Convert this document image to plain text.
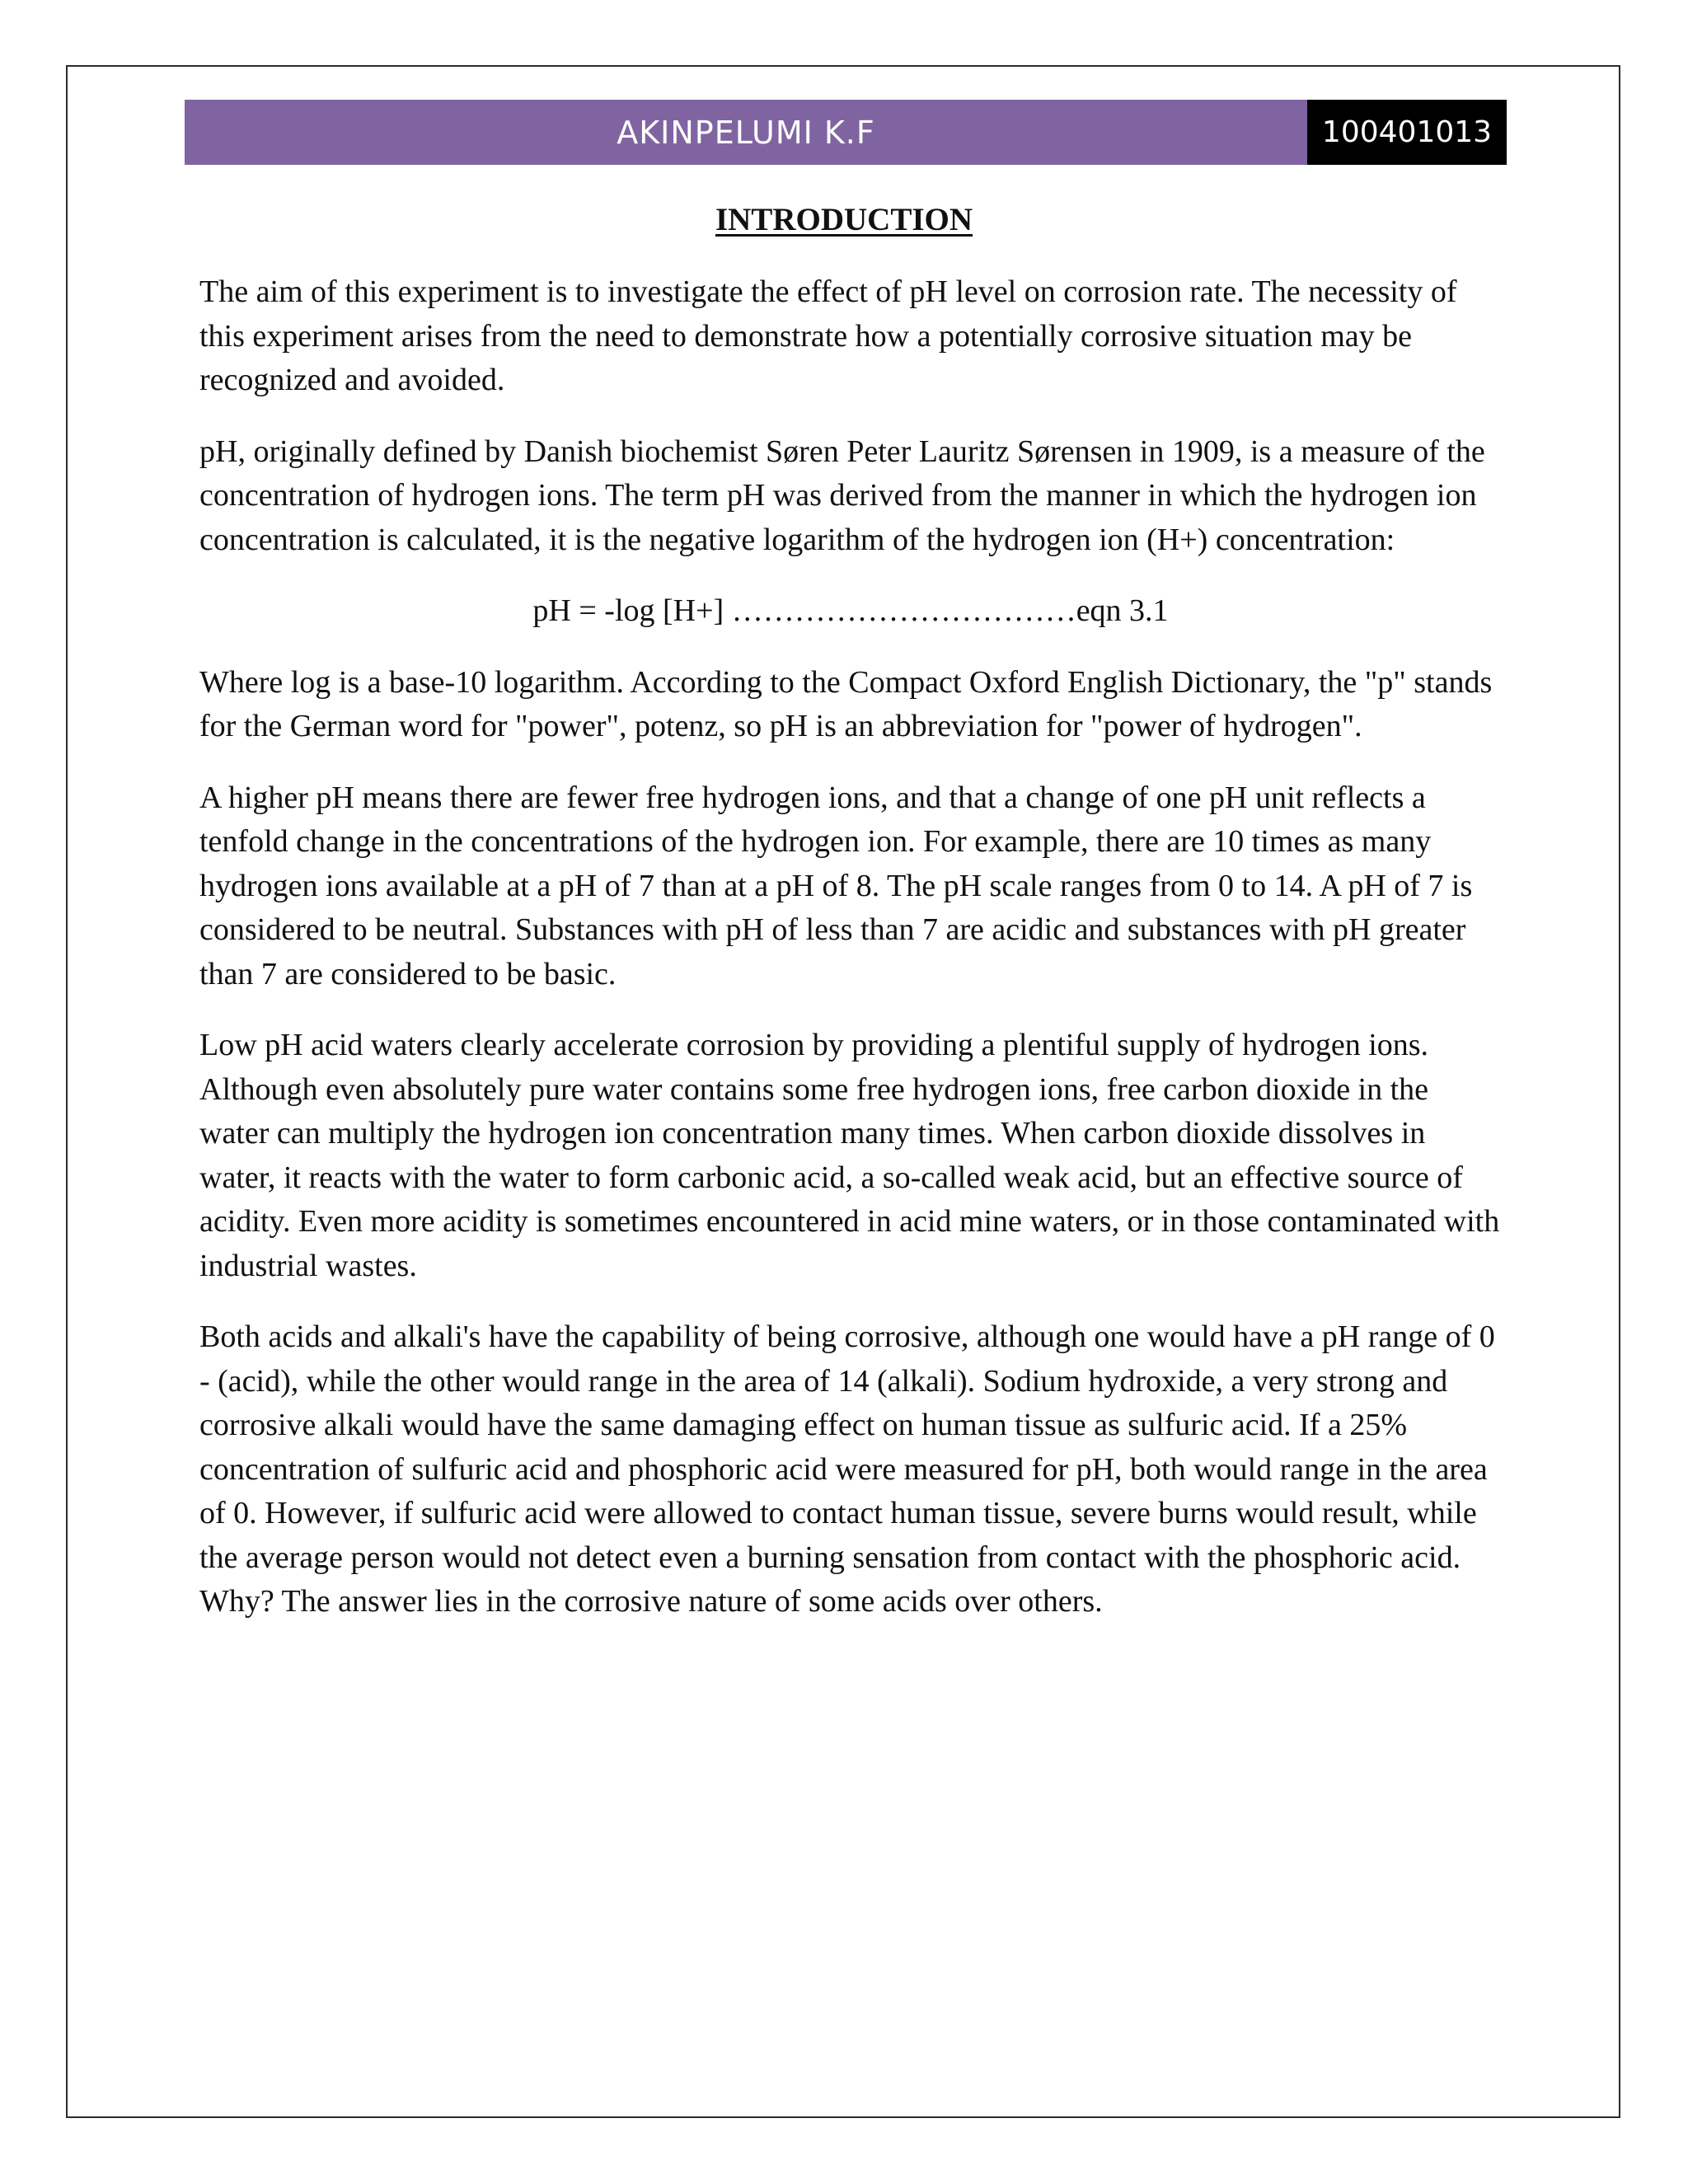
AKINPELUMI K.F	100401013
INTRODUCTION

The aim of this experiment is to investigate the effect of pH level on corrosion rate. The necessity of this experiment arises from the need to demonstrate how a potentially corrosive situation may be recognized and avoided.

pH, originally defined by Danish biochemist Søren Peter Lauritz Sørensen in 1909, is a measure of the concentration of hydrogen ions. The term pH was derived from the manner in which the hydrogen ion concentration is calculated, it is the negative logarithm of the hydrogen ion (H+) concentration:

pH = -log [H+] ……………………………eqn 3.1

Where log is a base-10 logarithm. According to the Compact Oxford English Dictionary, the "p" stands for the German word for "power", potenz, so pH is an abbreviation for "power of hydrogen".

A higher pH means there are fewer free hydrogen ions, and that a change of one pH unit reflects a tenfold change in the concentrations of the hydrogen ion. For example, there are 10 times as many hydrogen ions available at a pH of 7 than at a pH of 8. The pH scale ranges from 0 to 14. A pH of 7 is considered to be neutral. Substances with pH of less than 7 are acidic and substances with pH greater than 7 are considered to be basic.

Low pH acid waters clearly accelerate corrosion by providing a plentiful supply of hydrogen ions. Although even absolutely pure water contains some free hydrogen ions, free carbon dioxide in the water can multiply the hydrogen ion concentration many times. When carbon dioxide dissolves in water, it reacts with the water to form carbonic acid, a so-called weak acid, but an effective source of acidity. Even more acidity is sometimes encountered in acid mine waters, or in those contaminated with industrial wastes.

Both acids and alkali's have the capability of being corrosive, although one would have a pH range of 0 - (acid), while the other would range in the area of 14 (alkali). Sodium hydroxide, a very strong and corrosive alkali would have the same damaging effect on human tissue as sulfuric acid. If a 25% concentration of sulfuric acid and phosphoric acid were measured for pH, both would range in the area of 0. However, if sulfuric acid were allowed to contact human tissue, severe burns would result, while the average person would not detect even a burning sensation from contact with the phosphoric acid. Why? The answer lies in the corrosive nature of some acids over others.
